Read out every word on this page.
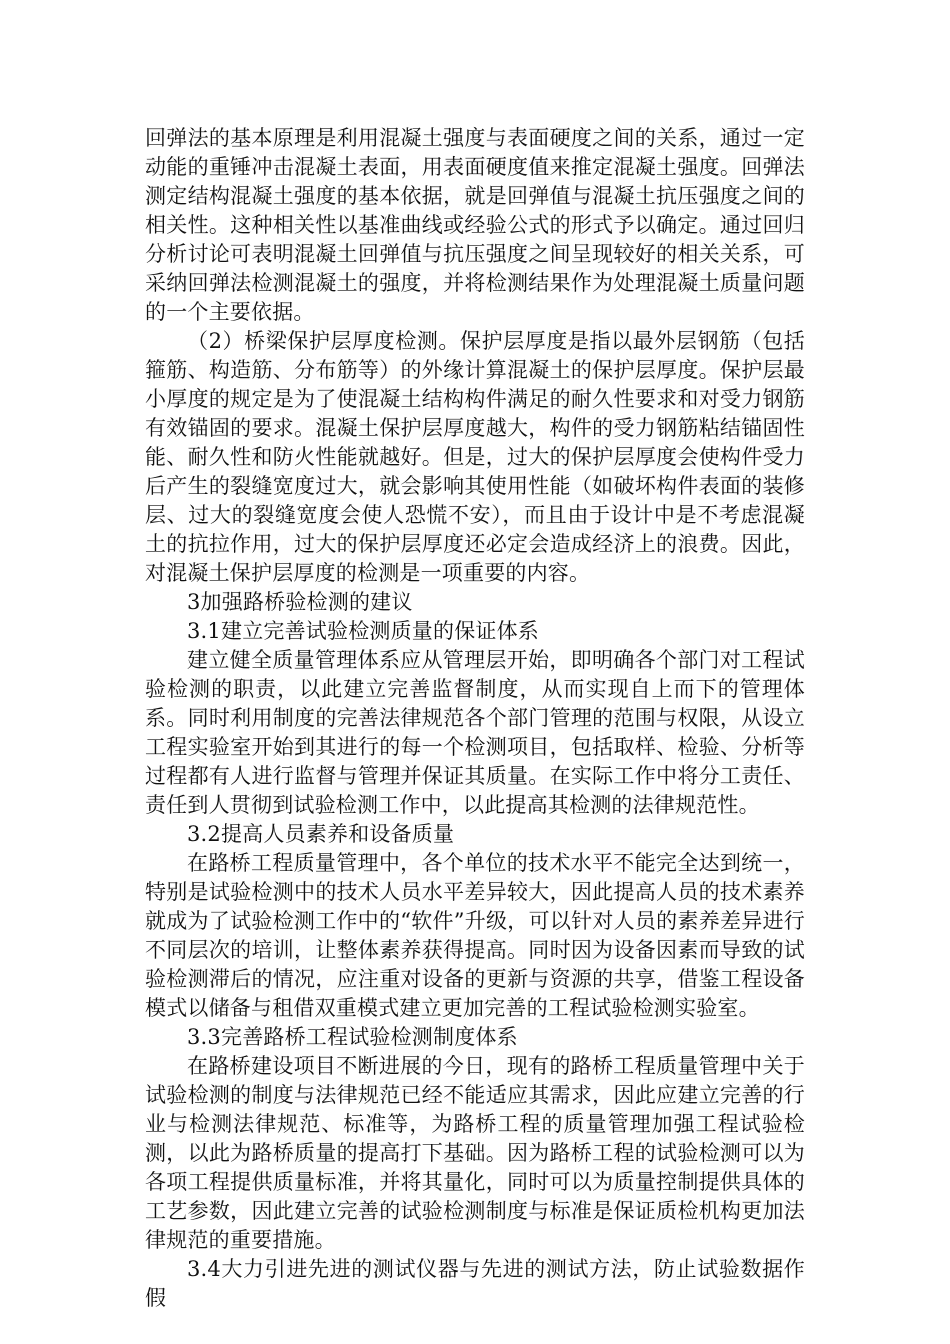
回弹法的基本原理是利用混凝土强度与表面硬度之间的关系，通过一定动能的重锤冲击混凝土表面，用表面硬度值来推定混凝土强度。回弹法测定结构混凝土强度的基本依据，就是回弹值与混凝土抗压强度之间的相关性。这种相关性以基准曲线或经验公式的形式予以确定。通过回归分析讨论可表明混凝土回弹值与抗压强度之间呈现较好的相关关系，可采纳回弹法检测混凝土的强度，并将检测结果作为处理混凝土质量问题的一个主要依据。

（2）桥梁保护层厚度检测。保护层厚度是指以最外层钢筋（包括箍筋、构造筋、分布筋等）的外缘计算混凝土的保护层厚度。保护层最小厚度的规定是为了使混凝土结构构件满足的耐久性要求和对受力钢筋有效锚固的要求。混凝土保护层厚度越大，构件的受力钢筋粘结锚固性能、耐久性和防火性能就越好。但是，过大的保护层厚度会使构件受力后产生的裂缝宽度过大，就会影响其使用性能（如破坏构件表面的装修层、过大的裂缝宽度会使人恐慌不安），而且由于设计中是不考虑混凝土的抗拉作用，过大的保护层厚度还必定会造成经济上的浪费。因此，对混凝土保护层厚度的检测是一项重要的内容。

3加强路桥验检测的建议

3.1建立完善试验检测质量的保证体系

建立健全质量管理体系应从管理层开始，即明确各个部门对工程试验检测的职责，以此建立完善监督制度，从而实现自上而下的管理体系。同时利用制度的完善法律规范各个部门管理的范围与权限，从设立工程实验室开始到其进行的每一个检测项目，包括取样、检验、分析等过程都有人进行监督与管理并保证其质量。在实际工作中将分工责任、责任到人贯彻到试验检测工作中，以此提高其检测的法律规范性。

3.2提高人员素养和设备质量

在路桥工程质量管理中，各个单位的技术水平不能完全达到统一，特别是试验检测中的技术人员水平差异较大，因此提高人员的技术素养就成为了试验检测工作中的“软件”升级，可以针对人员的素养差异进行不同层次的培训，让整体素养获得提高。同时因为设备因素而导致的试验检测滞后的情况，应注重对设备的更新与资源的共享，借鉴工程设备模式以储备与租借双重模式建立更加完善的工程试验检测实验室。

3.3完善路桥工程试验检测制度体系

在路桥建设项目不断进展的今日，现有的路桥工程质量管理中关于试验检测的制度与法律规范已经不能适应其需求，因此应建立完善的行业与检测法律规范、标准等，为路桥工程的质量管理加强工程试验检测，以此为路桥质量的提高打下基础。因为路桥工程的试验检测可以为各项工程提供质量标准，并将其量化，同时可以为质量控制提供具体的工艺参数，因此建立完善的试验检测制度与标准是保证质检机构更加法律规范的重要措施。

3.4大力引进先进的测试仪器与先进的测试方法，防止试验数据作假
